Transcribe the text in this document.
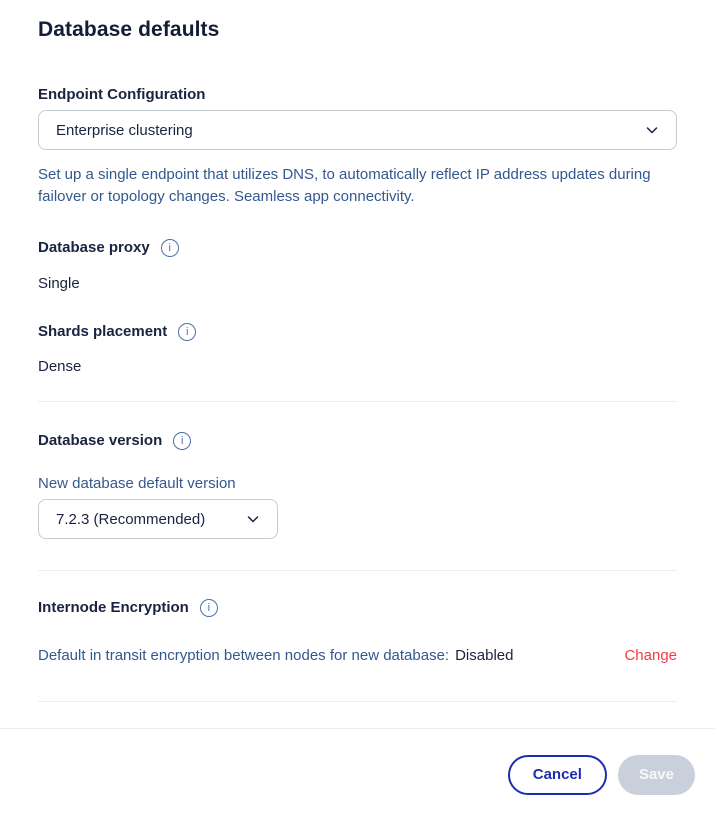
Database defaults
Endpoint Configuration
Enterprise clustering
Set up a single endpoint that utilizes DNS, to automatically reflect IP address updates during failover or topology changes. Seamless app connectivity.
Database proxy	i
Single
Shards placement	i
Dense
Database version	i
New database default version
7.2.3 (Recommended)
Internode Encryption	i
Default in transit encryption between nodes for new database: Disabled	Change
Cancel	Save
